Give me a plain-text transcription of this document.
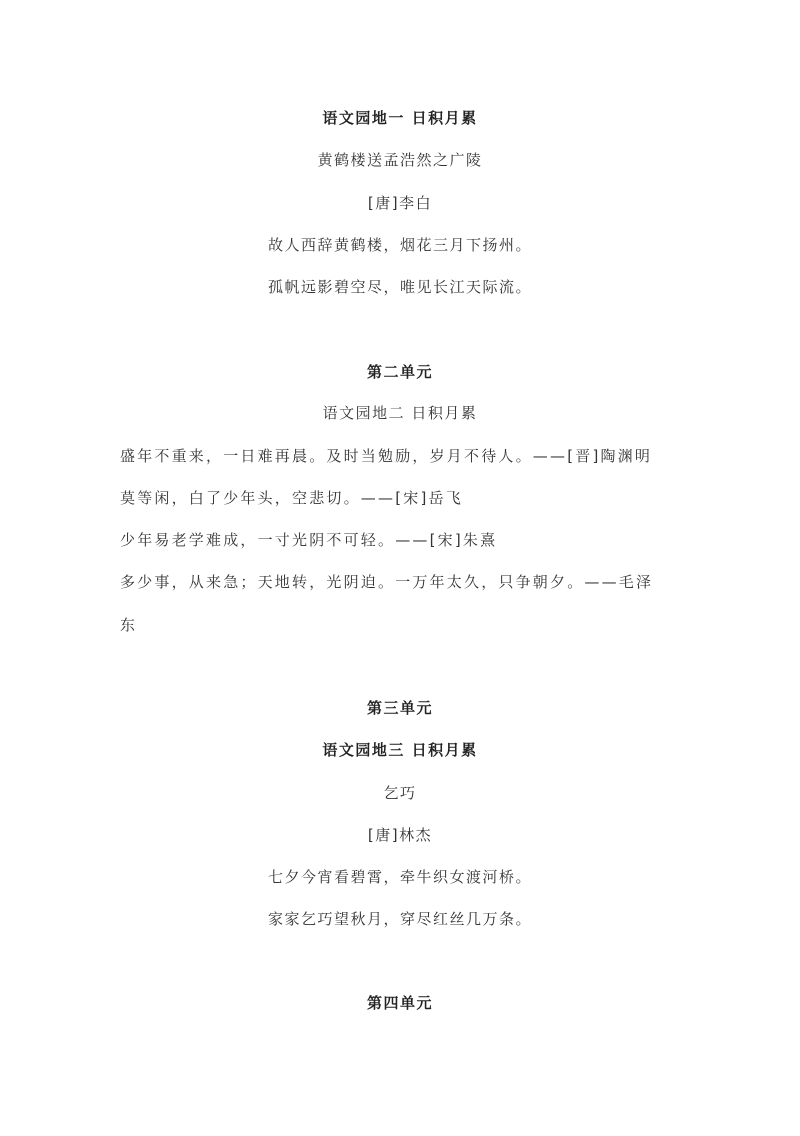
语文园地一 日积月累
黄鹤楼送孟浩然之广陵
[唐]李白
故人西辞黄鹤楼，烟花三月下扬州。
孤帆远影碧空尽，唯见长江天际流。
第二单元
语文园地二 日积月累
盛年不重来，一日难再晨。及时当勉励，岁月不待人。——[晋]陶渊明
莫等闲，白了少年头，空悲切。——[宋]岳飞
少年易老学难成，一寸光阴不可轻。——[宋]朱熹
多少事，从来急；天地转，光阴迫。一万年太久，只争朝夕。——毛泽
东
第三单元
语文园地三 日积月累
乞巧
[唐]林杰
七夕今宵看碧霄，牵牛织女渡河桥。
家家乞巧望秋月，穿尽红丝几万条。
第四单元
